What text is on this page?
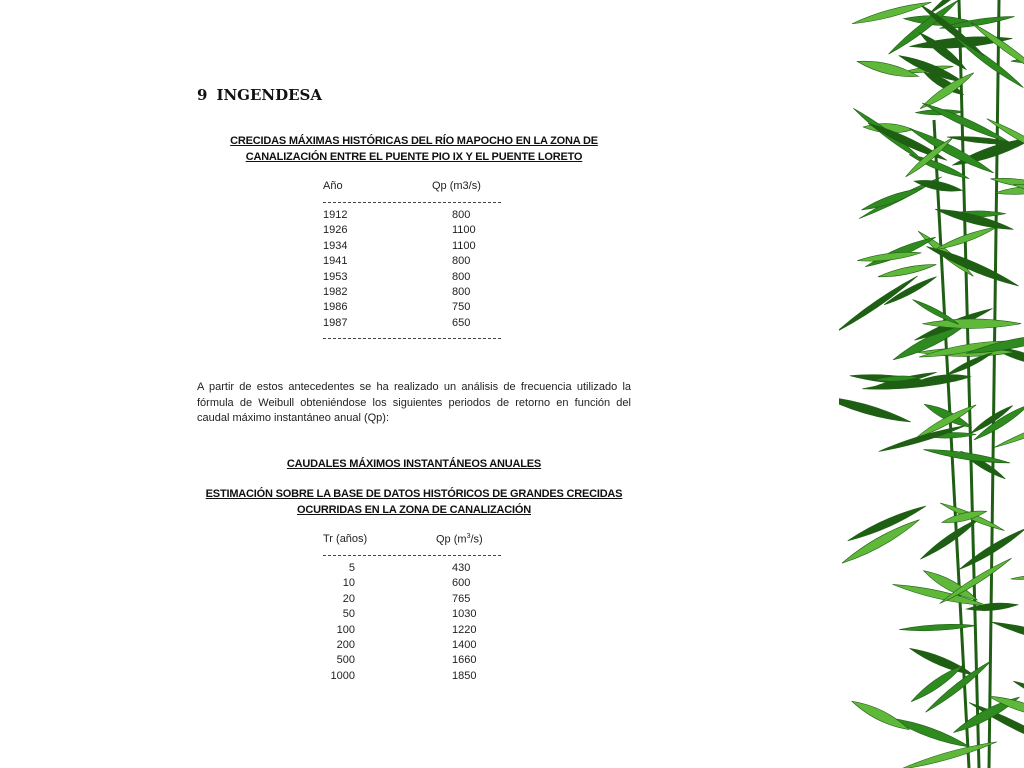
9 INGENDESA
CRECIDAS MÁXIMAS HISTÓRICAS DEL RÍO MAPOCHO EN LA ZONA DE CANALIZACIÓN ENTRE EL PUENTE PIO IX Y EL PUENTE LORETO
Año	Qp (m3/s)
1912	800
1926	1100
1934	1100
1941	800
1953	800
1982	800
1986	750
1987	650
A partir de estos antecedentes se ha realizado un análisis de frecuencia utilizado la fórmula de Weibull obteniéndose los siguientes periodos de retorno en función del caudal máximo instantáneo anual (Qp):
CAUDALES MÁXIMOS INSTANTÁNEOS ANUALES
ESTIMACIÓN SOBRE LA BASE DE DATOS HISTÓRICOS DE GRANDES CRECIDAS OCURRIDAS EN LA ZONA DE CANALIZACIÓN
Tr (años)	Qp $(m^3/s)$
5	430
10	600
20	765
50	1030
100	1220
200	1400
500	1660
1000	1850
